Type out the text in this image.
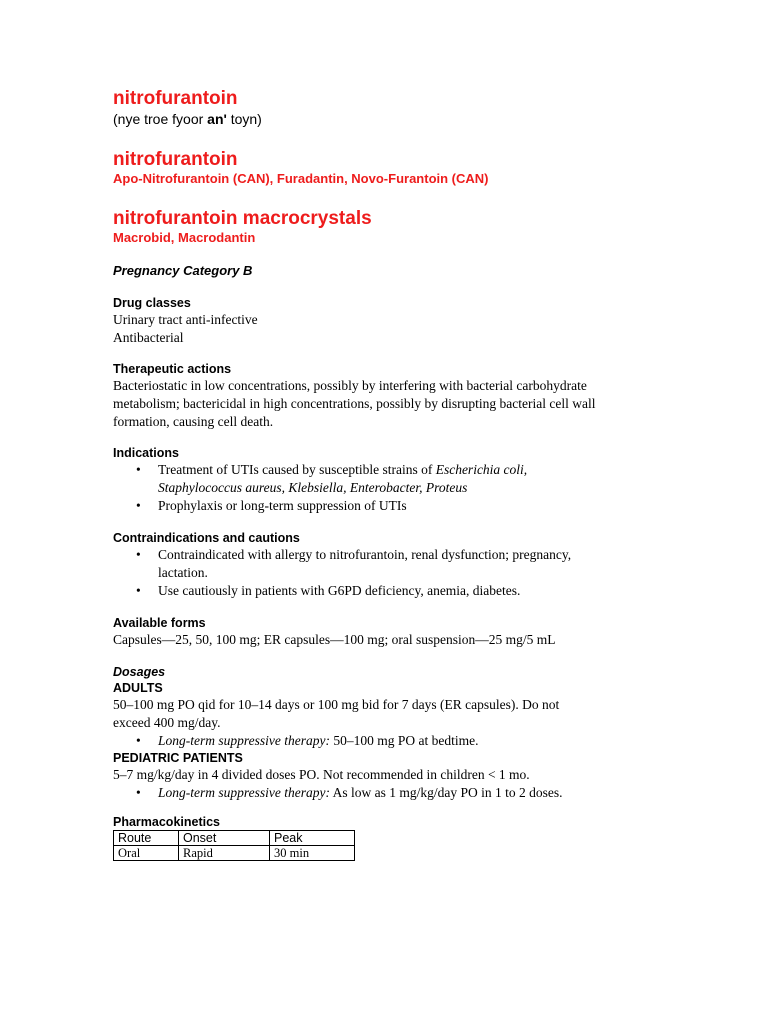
nitrofurantoin

(nye troe fyoor an' toyn)

nitrofurantoin

Apo-Nitrofurantoin (CAN), Furadantin, Novo-Furantoin (CAN)

nitrofurantoin macrocrystals

Macrobid, Macrodantin

Pregnancy Category B

Drug classes

Urinary tract anti-infective

Antibacterial

Therapeutic actions

Bacteriostatic in low concentrations, possibly by interfering with bacterial carbohydrate

metabolism; bactericidal in high concentrations, possibly by disrupting bacterial cell wall

formation, causing cell death.

Indications

• Treatment of UTIs caused by susceptible strains of Escherichia coli,
Staphylococcus aureus, Klebsiella, Enterobacter, Proteus
• Prophylaxis or long-term suppression of UTIs

Contraindications and cautions

• Contraindicated with allergy to nitrofurantoin, renal dysfunction; pregnancy,
lactation.
• Use cautiously in patients with G6PD deficiency, anemia, diabetes.

Available forms

Capsules—25, 50, 100 mg; ER capsules—100 mg; oral suspension—25 mg/5 mL

Dosages

ADULTS

50–100 mg PO qid for 10–14 days or 100 mg bid for 7 days (ER capsules). Do not

exceed 400 mg/day.

• Long-term suppressive therapy: 50–100 mg PO at bedtime.

PEDIATRIC PATIENTS

5–7 mg/kg/day in 4 divided doses PO. Not recommended in children < 1 mo.

• Long-term suppressive therapy: As low as 1 mg/kg/day PO in 1 to 2 doses.

Pharmacokinetics

Route	Onset	Peak
Oral	Rapid	30 min
